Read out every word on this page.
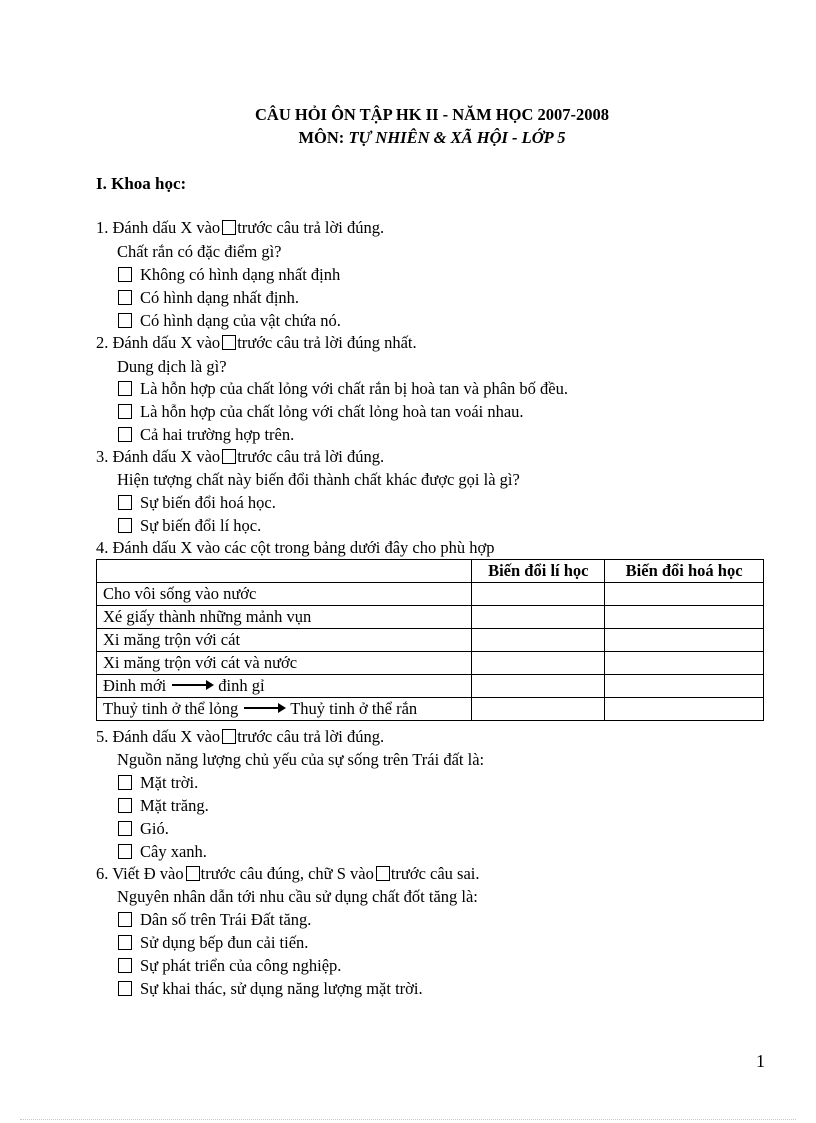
CÂU HỎI ÔN TẬP HK II - NĂM HỌC 2007-2008
MÔN: TỰ NHIÊN & XÃ HỘI - LỚP 5
I. Khoa học:
1. Đánh dấu X vào trước câu trả lời đúng.
Chất rắn có đặc điểm gì?
Không có hình dạng nhất định
Có hình dạng nhất định.
Có hình dạng của vật chứa nó.
2. Đánh dấu X vào trước câu trả lời đúng nhất.
Dung dịch là gì?
Là hỗn hợp của chất lỏng với chất rắn bị hoà tan và phân bố đều.
Là hỗn hợp của chất lỏng với chất lỏng hoà tan voái nhau.
Cả hai trường hợp trên.
3. Đánh dấu X vào trước câu trả lời đúng.
Hiện tượng chất này biến đổi thành chất khác được gọi là gì?
Sự biến đổi hoá học.
Sự biến đổi lí học.
4. Đánh dấu X vào các cột trong bảng dưới đây cho phù hợp
	Biến đổi lí học	Biến đổi hoá học
Cho vôi sống vào nước		
Xé giấy thành những mảnh vụn		
Xi măng trộn với cát		
Xi măng trộn với cát và nước		
Đinh mới đinh gỉ		
Thuỷ tinh ở thể lỏng Thuỷ tinh ở thể rắn		
5. Đánh dấu X vào trước câu trả lời đúng.
Nguồn năng lượng chủ yếu của sự sống trên Trái đất là:
Mặt trời.
Mặt trăng.
Gió.
Cây xanh.
6. Viết Đ vào trước câu đúng, chữ S vào trước câu sai.
Nguyên nhân dẫn tới nhu cầu sử dụng chất đốt tăng là:
Dân số trên Trái Đất tăng.
Sử dụng bếp đun cải tiến.
Sự phát triển của công nghiệp.
Sự khai thác, sử dụng năng lượng mặt trời.
1
